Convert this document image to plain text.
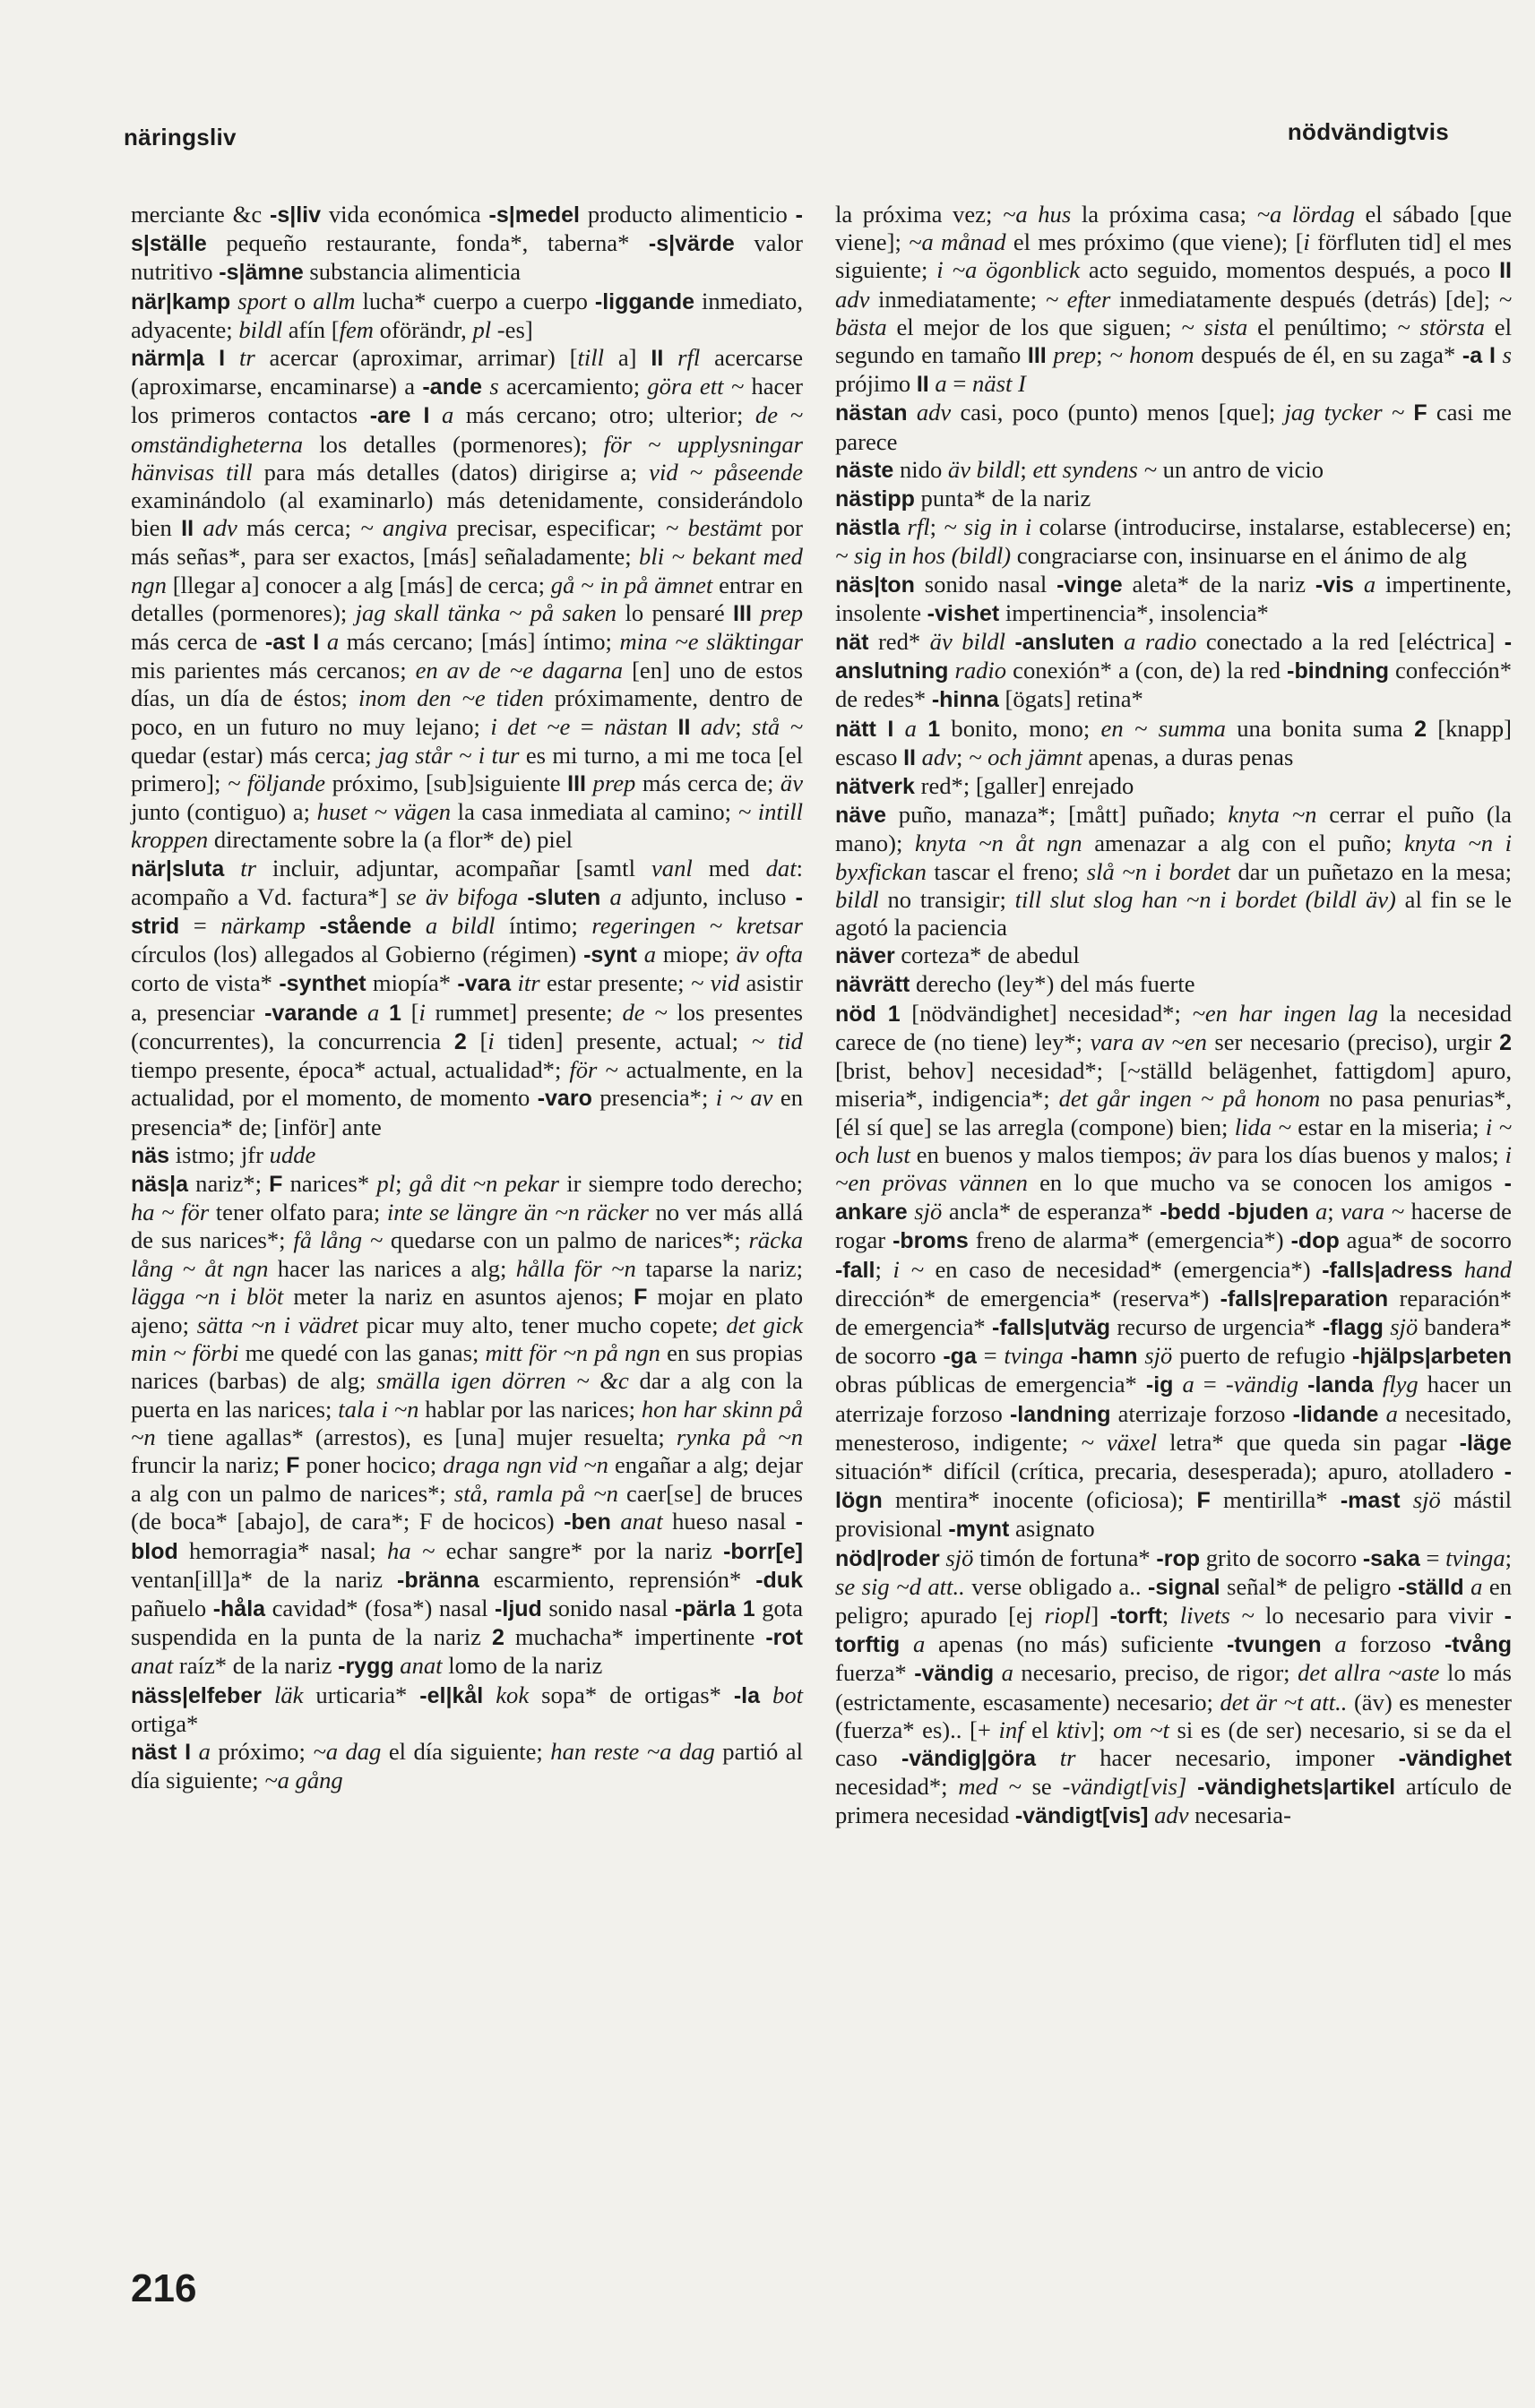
näringsliv	nödvändigtvis

merciante &c -s|liv vida económica -s|medel producto alimenticio -s|ställe pequeño restaurante, fonda*, taberna* -s|värde valor nutritivo -s|ämne substancia alimenticia

när|kamp sport o allm lucha* cuerpo a cuerpo -liggande inmediato, adyacente; bildl afín [fem oförändr, pl -es]

närm|a I tr acercar (aproximar, arrimar) [till a] II rfl acercarse (aproximarse, encaminarse) a -ande s acercamiento; göra ett ~ hacer los primeros contactos -are I a más cercano; otro; ulterior; de ~ omständigheterna los detalles (pormenores); för ~ upplysningar hänvisas till para más detalles (datos) dirigirse a; vid ~ påseende examinándolo (al examinarlo) más detenidamente, considerándolo bien II adv más cerca; ~ angiva precisar, especificar; ~ bestämt por más señas*, para ser exactos, [más] señaladamente; bli ~ bekant med ngn [llegar a] conocer a alg [más] de cerca; gå ~ in på ämnet entrar en detalles (pormenores); jag skall tänka ~ på saken lo pensaré III prep más cerca de -ast I a más cercano; [más] íntimo; mina ~e släktingar mis parientes más cercanos; en av de ~e dagarna [en] uno de estos días, un día de éstos; inom den ~e tiden próximamente, dentro de poco, en un futuro no muy lejano; i det ~e = nästan II adv; stå ~ quedar (estar) más cerca; jag står ~ i tur es mi turno, a mi me toca [el primero]; ~ följande próximo, [sub]siguiente III prep más cerca de; äv junto (contiguo) a; huset ~ vägen la casa inmediata al camino; ~ intill kroppen directamente sobre la (a flor* de) piel

när|sluta tr incluir, adjuntar, acompañar [samtl vanl med dat: acompaño a Vd. factura*] se äv bifoga -sluten a adjunto, incluso -strid = närkamp -stående a bildl íntimo; regeringen ~ kretsar círculos (los) allegados al Gobierno (régimen) -synt a miope; äv ofta corto de vista* -synthet miopía* -vara itr estar presente; ~ vid asistir a, presenciar -varande a 1 [i rummet] presente; de ~ los presentes (concurrentes), la concurrencia 2 [i tiden] presente, actual; ~ tid tiempo presente, época* actual, actualidad*; för ~ actualmente, en la actualidad, por el momento, de momento -varo presencia*; i ~ av en presencia* de; [inför] ante

näs istmo; jfr udde

näs|a nariz*; F narices* pl; gå dit ~n pekar ir siempre todo derecho; ha ~ för tener olfato para; inte se längre än ~n räcker no ver más allá de sus narices*; få lång ~ quedarse con un palmo de narices*; räcka lång ~ åt ngn hacer las narices a alg; hålla för ~n taparse la nariz; lägga ~n i blöt meter la nariz en asuntos ajenos; F mojar en plato ajeno; sätta ~n i vädret picar muy alto, tener mucho copete; det gick min ~ förbi me quedé con las ganas; mitt för ~n på ngn en sus propias narices (barbas) de alg; smälla igen dörren ~ &c dar a alg con la puerta en las narices; tala i ~n hablar por las narices; hon har skinn på ~n tiene agallas* (arrestos), es [una] mujer resuelta; rynka på ~n fruncir la nariz; F poner hocico; draga ngn vid ~n engañar a alg; dejar a alg con un palmo de narices*; stå, ramla på ~n caer[se] de bruces (de boca* [abajo], de cara*; F de hocicos) -ben anat hueso nasal -blod hemorragia* nasal; ha ~ echar sangre* por la nariz -borr[e] ventan[ill]a* de la nariz -bränna escarmiento, reprensión* -duk pañuelo -håla cavidad* (fosa*) nasal -ljud sonido nasal -pärla 1 gota suspendida en la punta de la nariz 2 muchacha* impertinente -rot anat raíz* de la nariz -rygg anat lomo de la nariz

näss|elfeber läk urticaria* -el|kål kok sopa* de ortigas* -la bot ortiga*

näst I a próximo; ~a dag el día siguiente; han reste ~a dag partió al día siguiente; ~a gång

la próxima vez; ~a hus la próxima casa; ~a lördag el sábado [que viene]; ~a månad el mes próximo (que viene); [i förfluten tid] el mes siguiente; i ~a ögonblick acto seguido, momentos después, a poco II adv inmediatamente; ~ efter inmediatamente después (detrás) [de]; ~ bästa el mejor de los que siguen; ~ sista el penúltimo; ~ största el segundo en tamaño III prep; ~ honom después de él, en su zaga* -a I s prójimo II a = näst I

nästan adv casi, poco (punto) menos [que]; jag tycker ~ F casi me parece

näste nido äv bildl; ett syndens ~ un antro de vicio

nästipp punta* de la nariz

nästla rfl; ~ sig in i colarse (introducirse, instalarse, establecerse) en; ~ sig in hos (bildl) congraciarse con, insinuarse en el ánimo de alg

näs|ton sonido nasal -vinge aleta* de la nariz -vis a impertinente, insolente -vishet impertinencia*, insolencia*

nät red* äv bildl -ansluten a radio conectado a la red [eléctrica] -anslutning radio conexión* a (con, de) la red -bindning confección* de redes* -hinna [ögats] retina*

nätt I a 1 bonito, mono; en ~ summa una bonita suma 2 [knapp] escaso II adv; ~ och jämnt apenas, a duras penas

nätverk red*; [galler] enrejado

näve puño, manaza*; [mått] puñado; knyta ~n cerrar el puño (la mano); knyta ~n åt ngn amenazar a alg con el puño; knyta ~n i byxfickan tascar el freno; slå ~n i bordet dar un puñetazo en la mesa; bildl no transigir; till slut slog han ~n i bordet (bildl äv) al fin se le agotó la paciencia

näver corteza* de abedul

nävrätt derecho (ley*) del más fuerte

nöd 1 [nödvändighet] necesidad*; ~en har ingen lag la necesidad carece de (no tiene) ley*; vara av ~en ser necesario (preciso), urgir 2 [brist, behov] necesidad*; [~ställd belägenhet, fattigdom] apuro, miseria*, indigencia*; det går ingen ~ på honom no pasa penurias*, [él sí que] se las arregla (compone) bien; lida ~ estar en la miseria; i ~ och lust en buenos y malos tiempos; äv para los días buenos y malos; i ~en prövas vännen en lo que mucho va se conocen los amigos -ankare sjö ancla* de esperanza* -bedd -bjuden a; vara ~ hacerse de rogar -broms freno de alarma* (emergencia*) -dop agua* de socorro -fall; i ~ en caso de necesidad* (emergencia*) -falls|adress hand dirección* de emergencia* (reserva*) -falls|reparation reparación* de emergencia* -falls|utväg recurso de urgencia* -flagg sjö bandera* de socorro -ga = tvinga -hamn sjö puerto de refugio -hjälps|arbeten obras públicas de emergencia* -ig a = -vändig -landa flyg hacer un aterrizaje forzoso -landning aterrizaje forzoso -lidande a necesitado, menesteroso, indigente; ~ växel letra* que queda sin pagar -läge situación* difícil (crítica, precaria, desesperada); apuro, atolladero -lögn mentira* inocente (oficiosa); F mentirilla* -mast sjö mástil provisional -mynt asignato

nöd|roder sjö timón de fortuna* -rop grito de socorro -saka = tvinga; se sig ~d att.. verse obligado a.. -signal señal* de peligro -ställd a en peligro; apurado [ej riopl] -torft; livets ~ lo necesario para vivir -torftig a apenas (no más) suficiente -tvungen a forzoso -tvång fuerza* -vändig a necesario, preciso, de rigor; det allra ~aste lo más (estrictamente, escasamente) necesario; det är ~t att.. (äv) es menester (fuerza* es).. [+ inf el ktiv]; om ~t si es (de ser) necesario, si se da el caso -vändig|göra tr hacer necesario, imponer -vändighet necesidad*; med ~ se -vändigt[vis] -vändighets|artikel artículo de primera necesidad -vändigt[vis] adv necesaria-

216
